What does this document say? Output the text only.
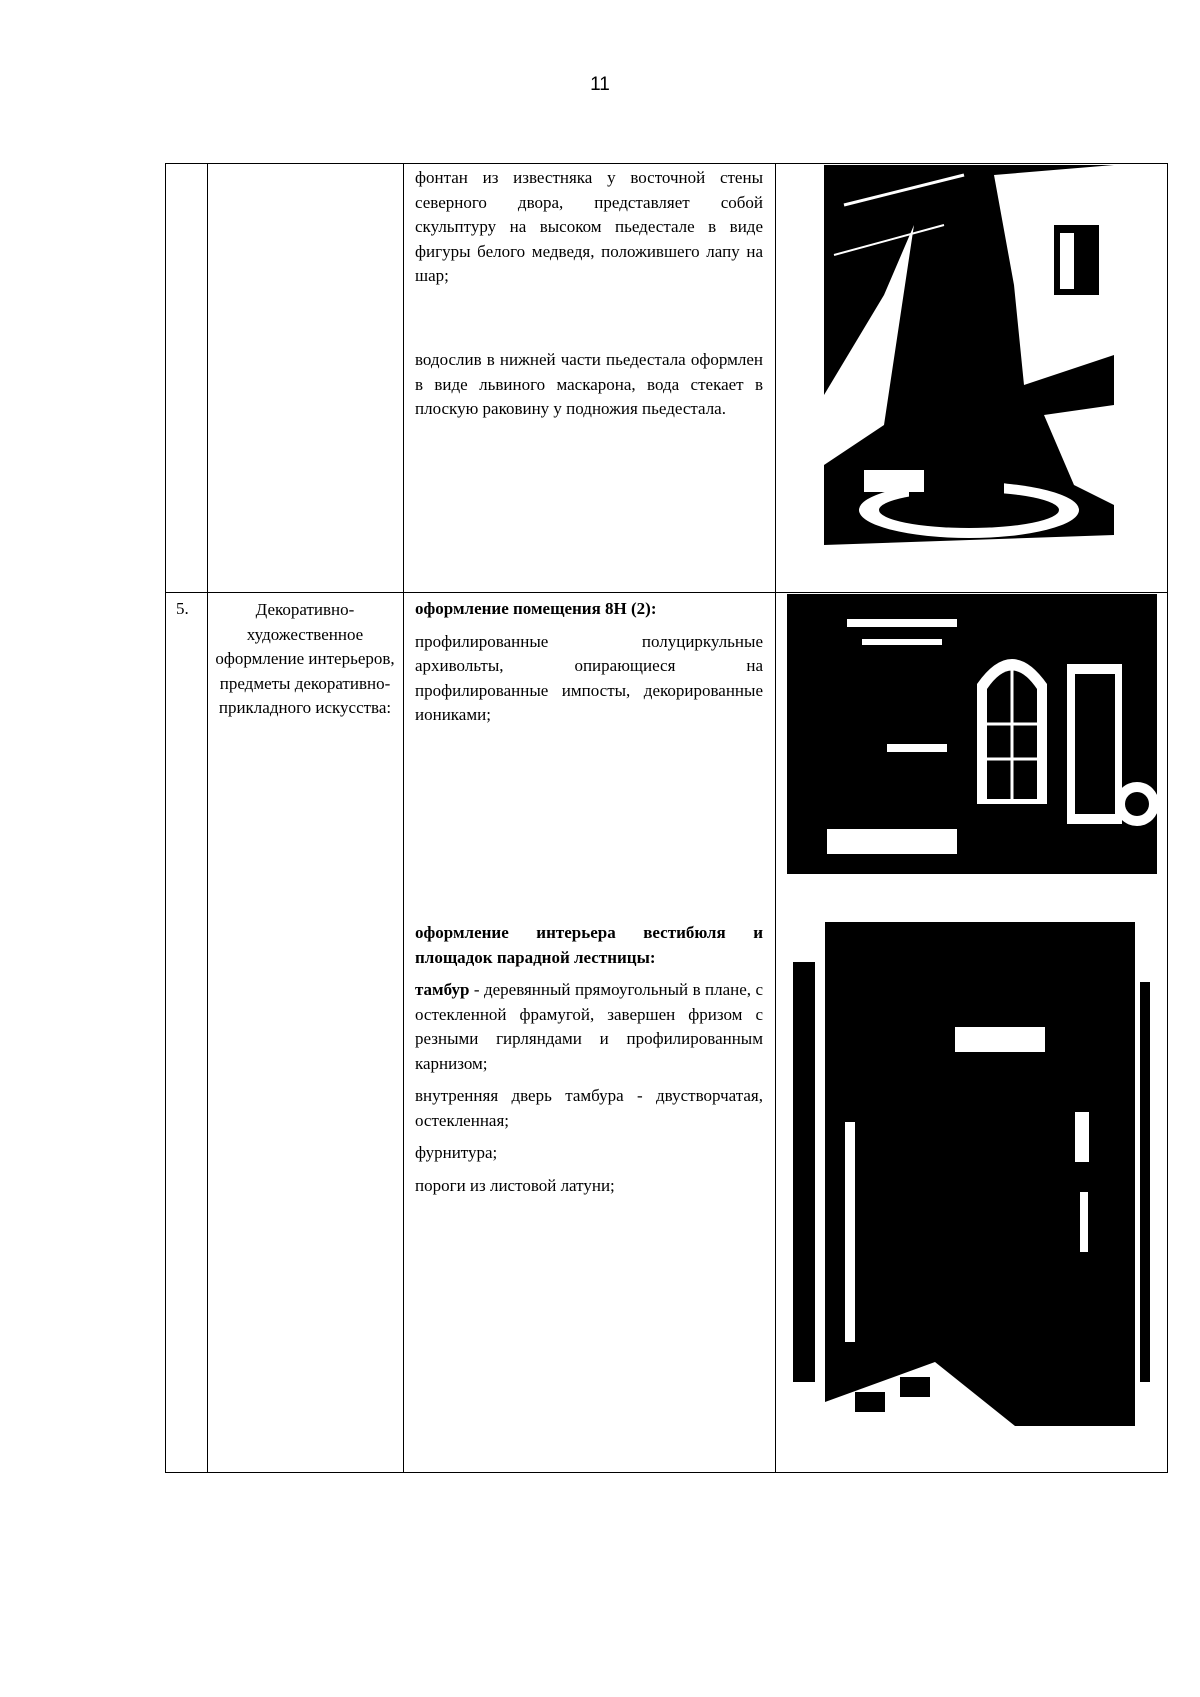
11

фонтан из известняка у восточной стены северного двора, представляет собой скульптуру на высоком пьедестале в виде фигуры белого медведя, положившего лапу на шар;

водослив в нижней части пьедестала оформлен в виде львиного маскарона, вода стекает в плоскую раковину у подножия пьедестала.

5.	Декоративно-художественное оформление интерьеров, предметы декоративно-прикладного искусства:

оформление помещения 8Н (2):

профилированные полуциркульные архивольты, опирающиеся на профилированные импосты, декорированные иониками;

оформление интерьера вестибюля и площадок парадной лестницы:

тамбур - деревянный прямоугольный в плане, с остекленной фрамугой, завершен фризом с резными гирляндами и профилированным карнизом;

внутренняя дверь тамбура - двустворчатая, остекленная;

фурнитура;

пороги из листовой латуни;
